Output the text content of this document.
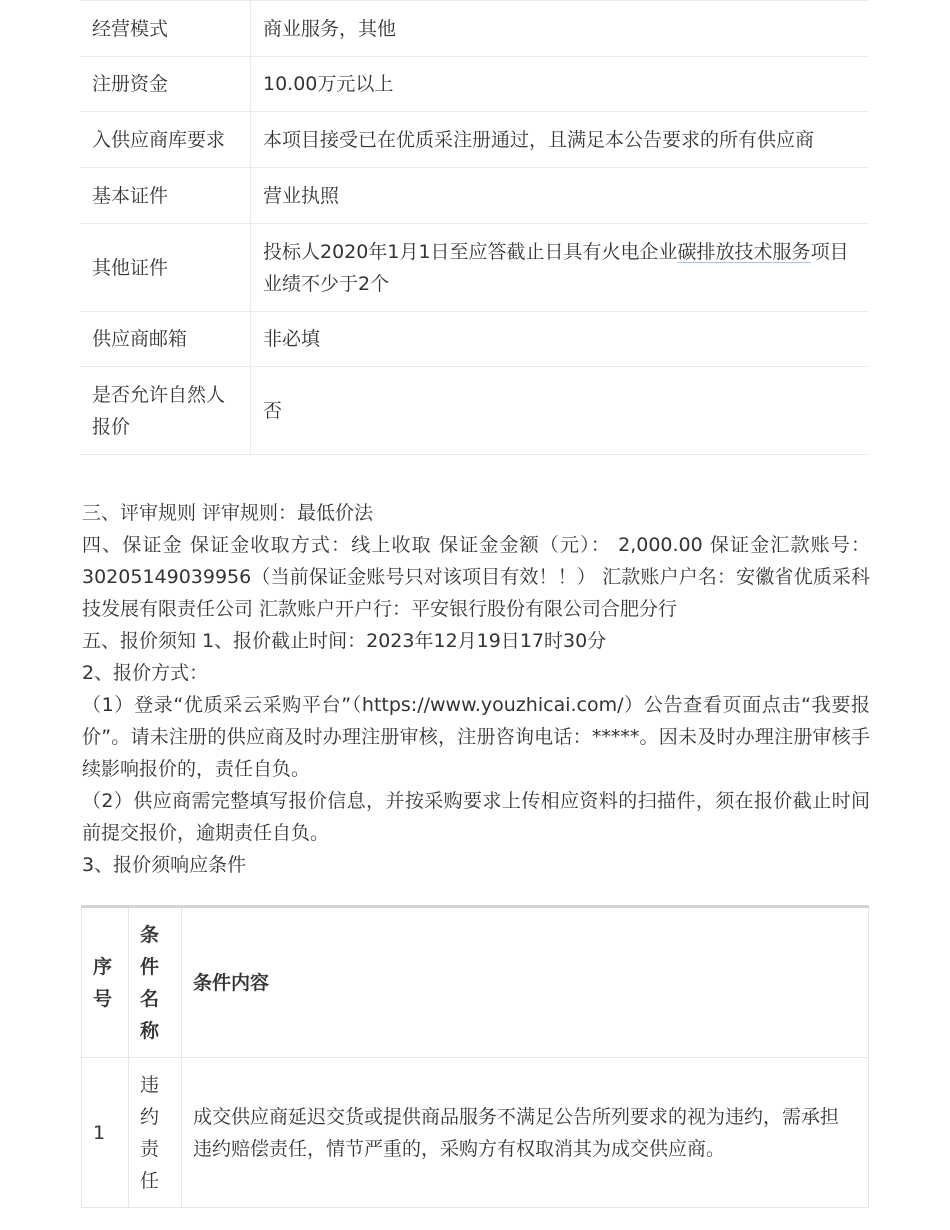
经营模式	商业服务，其他
注册资金	10.00万元以上
入供应商库要求	本项目接受已在优质采注册通过，且满足本公告要求的所有供应商
基本证件	营业执照
其他证件	投标人2020年1月1日至应答截止日具有火电企业碳排放技术服务项目业绩不少于2个
供应商邮箱	非必填
是否允许自然人报价	否

三、评审规则 评审规则：最低价法

四、保证金 保证金收取方式：线上收取 保证金金额（元）： 2,000.00 保证金汇款账号： 30205149039956（当前保证金账号只对该项目有效！！） 汇款账户户名：安徽省优质采科技发展有限责任公司 汇款账户开户行：平安银行股份有限公司合肥分行

五、报价须知 1、报价截止时间：2023年12月19日17时30分

2、报价方式：

（1）登录“优质采云采购平台”（https://www.youzhicai.com/）公告查看页面点击“我要报价”。请未注册的供应商及时办理注册审核，注册咨询电话：*****。因未及时办理注册审核手续影响报价的，责任自负。

（2）供应商需完整填写报价信息，并按采购要求上传相应资料的扫描件，须在报价截止时间前提交报价，逾期责任自负。

3、报价须响应条件

序号	条件名称	条件内容
1	违约责任	成交供应商延迟交货或提供商品服务不满足公告所列要求的视为违约，需承担违约赔偿责任，情节严重的，采购方有权取消其为成交供应商。
